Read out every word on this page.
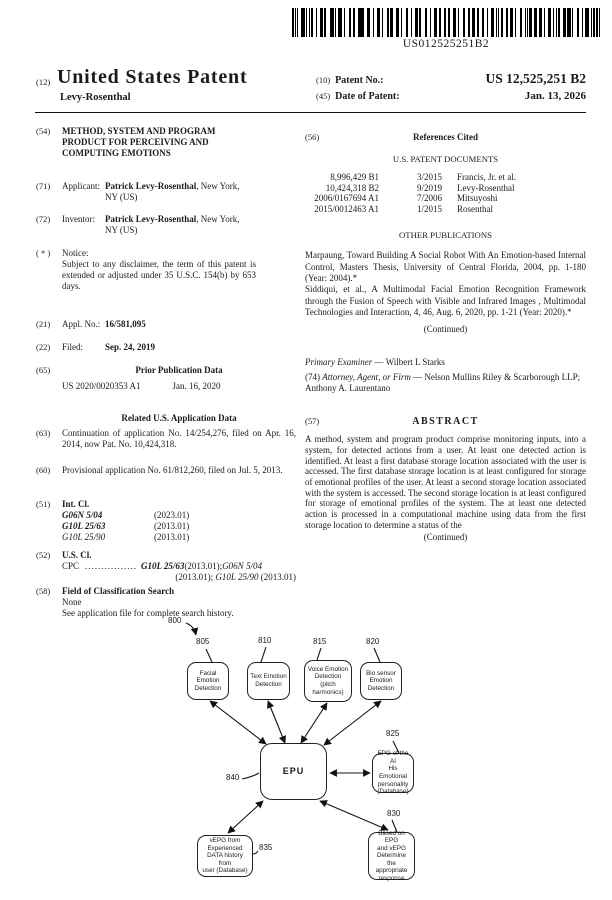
US012525251B2
(12) United States Patent
Levy-Rosenthal
(10) Patent No.:	US 12,525,251 B2
(45) Date of Patent:	Jan. 13, 2026
(54)	METHOD, SYSTEM AND PROGRAM
PRODUCT FOR PERCEIVING AND
COMPUTING EMOTIONS
(71)	Applicant: Patrick Levy-Rosenthal, New York,
NY (US)
(72)	Inventor: Patrick Levy-Rosenthal, New York,
NY (US)
( * )	Notice:Subject to any disclaimer, the term of this patent is extended or adjusted under 35 U.S.C. 154(b) by 653 days.
(21)	Appl. No.: 16/581,095
(22)	Filed: Sep. 24, 2019
(65)	Prior Publication Data
US 2020/0020353 A1	Jan. 16, 2020
Related U.S. Application Data
(63)	Continuation of application No. 14/254,276, filed on Apr. 16, 2014, now Pat. No. 10,424,318.
(60)	Provisional application No. 61/812,260, filed on Jul. 5, 2013.
(51)	Int. Cl.
G06N 5/04	(2023.01)
G10L 25/63	(2013.01)
G10L 25/90	(2013.01)
(52)	U.S. Cl.
CPC ................ G10L 25/63 (2013.01); G06N 5/04
(2013.01); G10L 25/90 (2013.01)
(58)	Field of Classification Search
None
See application file for complete search history.
(56)	References Cited
U.S. PATENT DOCUMENTS
8,996,429 B1	3/2015	Francis, Jr. et al.
10,424,318 B2	9/2019	Levy-Rosenthal
2006/0167694 A1	7/2006	Mitsuyoshi
2015/0012463 A1	1/2015	Rosenthal
OTHER PUBLICATIONS

Marpaung, Toward Building A Social Robot With An Emotion-based Internal Control, Masters Thesis, University of Central Florida, 2004, pp. 1-180 (Year: 2004).*

Siddiqui, et al., A Multimodal Facial Emotion Recognition Framework through the Fusion of Speech with Visible and Infrared Images , Multimodal Technologies and Interaction, 4, 46, Aug. 6, 2020, pp. 1-21 (Year: 2020).*

(Continued)
Primary Examiner — Wilbert L Starks
(74) Attorney, Agent, or Firm — Nelson Mullins Riley & Scarborough LLP; Anthony A. Laurentano
(57)	ABSTRACT
A method, system and program product comprise monitoring inputs, into a system, for detected actions from a user. At least one detected action is identified. At least a first database storage location associated with the user is accessed. The first database storage location is at least configured for storage of emotional profiles of the user. At least a second storage location associated with the system is accessed. The second storage location is at least configured for storage of emotional profiles of the system. The at least one detected action is processed in a computational machine using data from the first storage location to determine a status of the
(Continued)
800
805	810	815	820
840
825
830
835
Facial Emotion
Detection
Text Emotion
Detection
Voice Emotion
Detection
(pitch harmonics)
Bio sensor
Emotion
Detection
EPU
EPG of the AI
His Emotional
personality
(Database)
vEPG from
Experienced
DATA history from
user (Database)
Based on EPG
and vEPG
Determine
the appropriate
response
